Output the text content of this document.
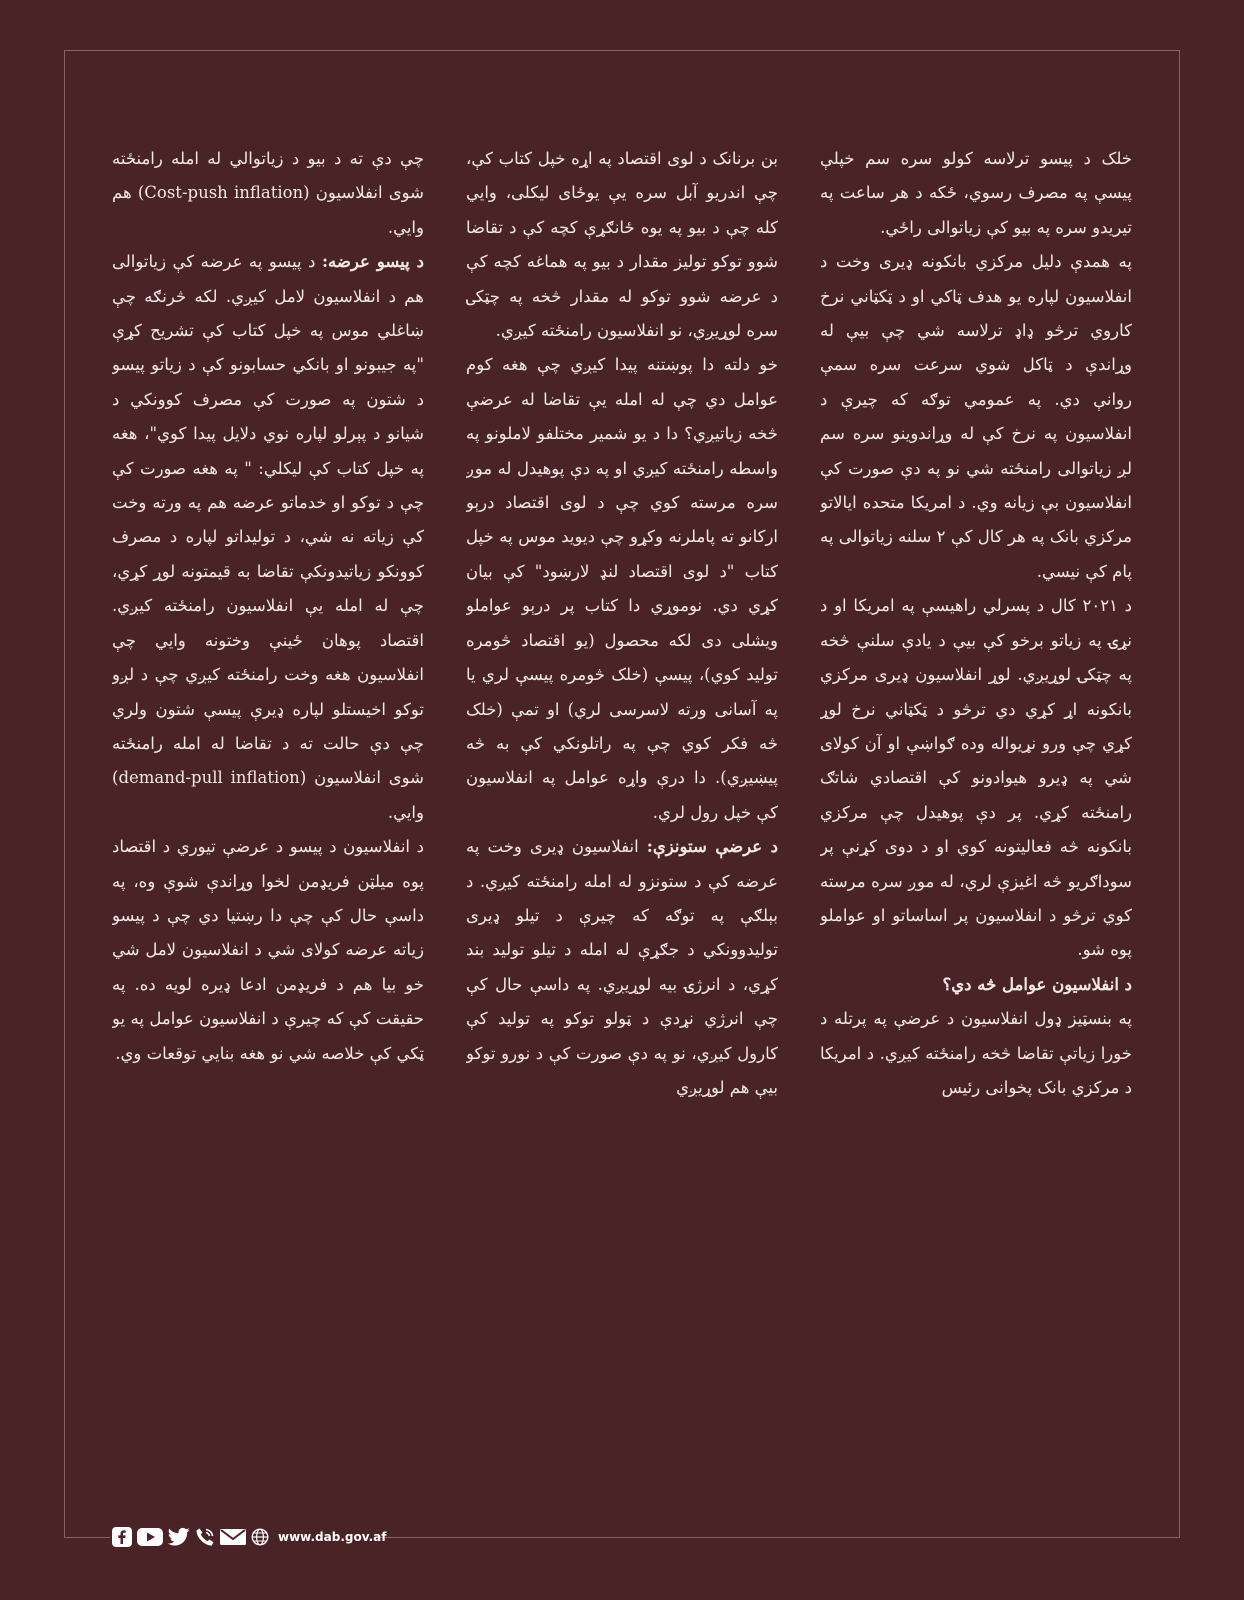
خلک د پیسو ترلاسه کولو سره سم خپلې پیسې په مصرف رسوي، ځکه د هر ساعت په تیریدو سره په بیو کې زیاتوالی راځي.

په همدې دلیل مرکزي بانکونه ډیری وخت د انفلاسیون لپاره یو هدف ټاکي او د ټکټاني نرخ کاروي ترڅو ډاډ ترلاسه شي چې بیې له وړاندې د ټاکل شوي سرعت سره سمې روانې دي. په عمومي توګه که چیرې د انفلاسیون په نرخ کې له وړاندوینو سره سم لږ زیاتوالی رامنځته شي نو په دې صورت کې انفلاسیون بې زیانه وي. د امریکا متحده ایالاتو مرکزي بانک په هر کال کې ۲ سلنه زیاتوالی په پام کې نیسي.

د ۲۰۲۱ کال د پسرلي راهیسې په امریکا او د نړۍ په زیاتو برخو کې بیې د یادې سلنې څخه په چټکۍ لوړیږي. لوړ انفلاسیون ډیری مرکزي بانکونه اړ کړي دي ترڅو د ټکټاني نرخ لوړ کړي چې ورو نړیواله وده ګواښې او آن کولای شي په ډیرو هیوادونو کې اقتصادي شاتګ رامنځته کړي. پر دې پوهیدل چې مرکزي بانکونه څه فعالیتونه کوي او د دوی کړنې پر سوداګریو څه اغیزې لري، له موږ سره مرسته کوي ترڅو د انفلاسیون پر اساساتو او عواملو پوه شو.

د انفلاسیون عوامل څه دي؟

په بنسټیز ډول انفلاسیون د عرضې په پرتله د خورا زیاتې تقاضا څخه رامنځته کیږي. د امریکا د مرکزي بانک پخوانی رئیس

بن برنانک د لوی اقتصاد په اړه خپل کتاب کې، چې اندریو آبل سره یې یوځای لیکلی، وایي کله چې د بیو په یوه ځانګړې کچه کې د تقاضا شوو توکو تولیز مقدار د بیو په هماغه کچه کې د عرضه شوو توکو له مقدار څخه په چټکۍ سره لوړیږي، نو انفلاسیون رامنځته کیږي.

خو دلته دا پوښتنه پیدا کیږي چې هغه کوم عوامل دي چې له امله یې تقاضا له عرضې څخه زیاتیږي؟ دا د یو شمیر مختلفو لاملونو په واسطه رامنځته کیږي او په دې پوهیدل له موږ سره مرسته کوي چې د لوی اقتصاد درېو ارکانو ته پاملرنه وکړو چې دیوید موس په خپل کتاب "د لوی اقتصاد لنډ لارښود" کې بیان کړي دي. نوموړي دا کتاب پر درېو عواملو ویشلی دی لکه محصول (یو اقتصاد څومره تولید کوي)، پیسې (خلک څومره پیسې لري یا په آسانی ورته لاسرسی لري) او تمې (خلک څه فکر کوي چې په راتلونکي کې به څه پیښیږي). دا درې واړه عوامل په انفلاسیون کې خپل رول لري.

د عرضې ستونزې: انفلاسیون ډیری وخت په عرضه کې د ستونزو له امله رامنځته کیږي. د بېلګې په توګه که چیرې د تیلو ډیری تولیدوونکي د جګړې له امله د تیلو تولید بند کړي، د انرژۍ بیه لوړیږي. په داسې حال کې چې انرژي نړدې د ټولو توکو په تولید کې کارول کیږي، نو په دې صورت کې د نورو توکو بیې هم لوړیږي

چې دې ته د بیو د زیاتوالي له امله رامنځته شوی انفلاسیون (Cost-push inflation) هم وایي.

د پیسو عرضه: د پیسو په عرضه کې زیاتوالی هم د انفلاسیون لامل کیږي. لکه څرنګه چې ښاغلي موس په خپل کتاب کې تشریح کړې "په جیبونو او بانکي حسابونو کې د زیاتو پیسو د شتون په صورت کې مصرف کوونکي د شیانو د پېرلو لپاره نوي دلایل پیدا کوي"، هغه په خپل کتاب کې لیکلي: " په هغه صورت کې چې د توکو او خدماتو عرضه هم په ورته وخت کې زیاته نه شي، د تولیداتو لپاره د مصرف کوونکو زیاتیدونکې تقاضا به قیمتونه لوړ کړي، چې له امله یې انفلاسیون رامنځته کیږي. اقتصاد پوهان ځینې وختونه وایي چې انفلاسیون هغه وخت رامنځته کیږي چې د لږو توکو اخیستلو لپاره ډیرې پیسې شتون ولري چې دې حالت ته د تقاضا له امله رامنځته شوی انفلاسیون (demand-pull inflation) وایي.

د انفلاسیون د پیسو د عرضې تیوري د اقتصاد پوه میلټن فریډمن لخوا وړاندې شوې وه، په داسې حال کې چې دا رښتیا دي چې د پیسو زیاته عرضه کولای شي د انفلاسیون لامل شي خو بیا هم د فریډمن ادعا ډیره لویه ده. په حقیقت کې که چیرې د انفلاسیون عوامل په یو ټکي کې خلاصه شي نو هغه بنایي توقعات وي.

www.dab.gov.af
